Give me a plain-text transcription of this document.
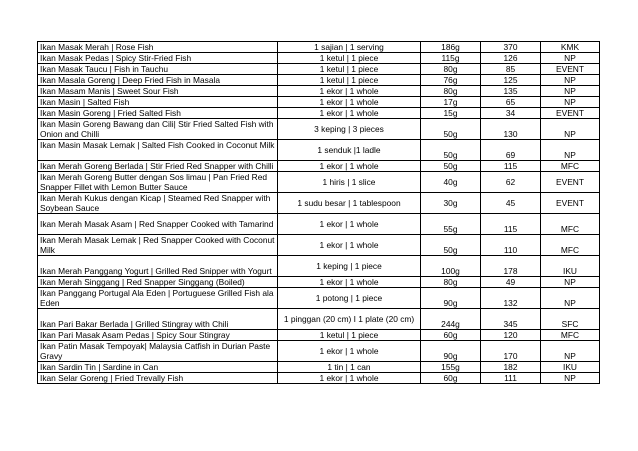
Ikan Masak Merah | Rose Fish	1 sajian | 1 serving	186g	370	KMK
Ikan Masak Pedas | Spicy Stir-Fried Fish	1 ketul | 1 piece	115g	126	NP
Ikan Masak Taucu | Fish in Tauchu	1 ketul | 1 piece	80g	85	EVENT
Ikan Masala Goreng | Deep Fried Fish in Masala	1 ketul | 1 piece	76g	125	NP
Ikan Masam Manis | Sweet Sour Fish	1 ekor | 1 whole	80g	135	NP
Ikan Masin | Salted Fish	1 ekor | 1 whole	17g	65	NP
Ikan Masin Goreng | Fried Salted Fish	1 ekor | 1 whole	15g	34	EVENT
Ikan Masin Goreng Bawang dan Cili| Stir Fried Salted Fish with Onion and Chilli	3 keping | 3 pieces	50g	130	NP
Ikan Masin Masak Lemak | Salted Fish Cooked in Coconut Milk	1 senduk |1 ladle	50g	69	NP
Ikan Merah Goreng Berlada | Stir Fried Red Snapper with Chilli	1 ekor | 1 whole	50g	115	MFC
Ikan Merah Goreng Butter dengan Sos limau | Pan Fried Red Snapper Fillet with Lemon Butter Sauce	1 hiris | 1 slice	40g	62	EVENT
Ikan Merah Kukus dengan Kicap | Steamed Red Snapper with Soybean Sauce	1 sudu besar | 1 tablespoon	30g	45	EVENT
Ikan Merah Masak Asam | Red Snapper Cooked with Tamarind	1 ekor | 1 whole	55g	115	MFC
Ikan Merah Masak Lemak | Red Snapper Cooked with Coconut Milk	1 ekor | 1 whole	50g	110	MFC
Ikan Merah Panggang Yogurt | Grilled Red Snipper with Yogurt	1 keping | 1 piece	100g	178	IKU
Ikan Merah Singgang | Red Snapper Singgang (Boiled)	1 ekor | 1 whole	80g	49	NP
Ikan Panggang Portugal Ala Eden | Portuguese Grilled Fish ala Eden	1 potong | 1 piece	90g	132	NP
Ikan Pari Bakar Berlada | Grilled Stingray with Chili	1 pinggan (20 cm) I 1 plate (20 cm)	244g	345	SFC
Ikan Pari Masak Asam Pedas | Spicy Sour Stingray	1 ketul | 1 piece	60g	120	MFC
Ikan Patin Masak Tempoyak| Malaysia Catfish in Durian Paste Gravy	1 ekor | 1 whole	90g	170	NP
Ikan Sardin Tin | Sardine in Can	1 tin | 1 can	155g	182	IKU
Ikan Selar Goreng | Fried Trevally Fish	1 ekor | 1 whole	60g	111	NP
